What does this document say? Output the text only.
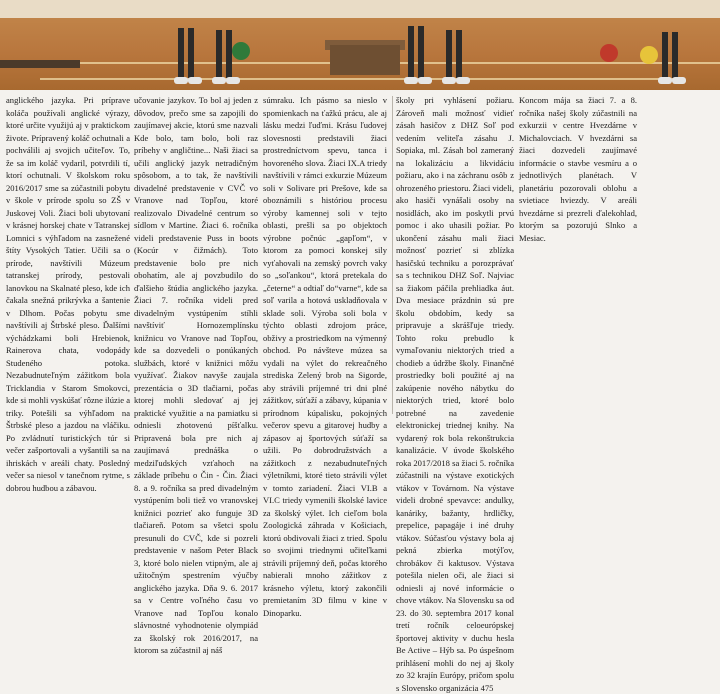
anglického jazyka. Pri príprave koláča používali anglické výrazy, ktoré určite využijú aj v praktickom živote. Prípravený koláč ochutnali a pochválili aj svojich učiteľov. To, že sa im koláč vydaril, potvrdili tí, ktorí ochutnali. V školskom roku 2016/2017 sme sa zúčastnili pobytu v škole v prírode spolu so ZŠ v Juskovej Voli. Žiaci boli ubytovaní v krásnej horskej chate v Tatranskej Lomnici s výhľadom na zasnežené štíty Vysokých Tatier. Učili sa o prírode, navštívili Múzeum tatranskej prírody, pestovali lanovkou na Skalnaté pleso, kde ich čakala snežná prikrývka a šantenie v Dlhom. Počas pobytu sme navštívili aj Štrbské pleso. Ďalšími výchádzkami boli Hrebienok, Rainerova chata, vodopády Studeného potoka. Nezabudnuteľným zážitkom bola Tricklandia v Starom Smokovci, kde si mohli vyskúšať rôzne ilúzie a triky. Potešili sa výhľadom na Štrbské pleso a jazdou na vláčiku. Po zvládnutí turistických túr si večer zašportovali a vyšantili sa na ihriskách v areáli chaty. Posledný večer sa niesol v tanečnom rytme, s dobrou hudbou a zábavou.

učovanie jazykov. To bol aj jeden z dôvodov, prečo sme sa zapojili do zaujímavej akcie, ktorú sme nazvali Kde bolo, tam bolo, boli raz príbehy v angličtine... Naši žiaci sa učili anglický jazyk netradičným spôsobom, a to tak, že navštívili divadelné predstavenie v CVČ vo Vranove nad Topľou, ktoré realizovalo Divadelné centrum so sídlom v Martine. Žiaci 6. ročníka videli predstavenie Puss in boots (Kocúr v čižmách). Toto predstavenie bolo pre nich obohatím, ale aj povzbudilo do ďalšieho štúdia anglického jazyka. Žiaci 7. ročníka videli pred divadelným vystúpením stíhli navštíviť Hornozemplínsku knižnicu vo Vranove nad Topľou, kde sa dozvedeli o ponúkaných službách, ktoré v knižnici môžu využívať. Žiakov navyše zaujala prezentácia o 3D tlačiarni, počas ktorej mohli sledovať aj jej praktické využitie a na pamiatku si odniesli zhotovenú píšťalku. Pripravená bola pre nich aj zaujímavá prednáška o medziľudských vzťahoch na základe príbehu o Čin - Čin. Žiaci 8. a 9. ročníka sa pred divadelným vystúpením boli tiež vo vranovskej knižnici pozrieť ako funguje 3D tlačiareň. Potom sa všetci spolu presunuli do CVČ, kde si pozreli predstavenie v našom Peter Black 3, ktoré bolo nielen vtipným, ale aj užitočným spestrením výučby anglického jazyka. Dňa 9. 6. 2017 sa v Centre voľného času vo Vranove nad Topľou konalo slávnostné vyhodnotenie olympiád za školský rok 2016/2017, na ktorom sa zúčastnil aj náš

súmraku. Ich pásmo sa nieslo v spomienkach na ťažkú prácu, ale aj lásku medzi ľuďmi. Krásu ľudovej slovesnosti predstavili žiaci prostredníctvom spevu, tanca i hovoreného slova. Žiaci IX.A triedy navštívili v rámci exkurzie Múzeum soli v Solivare pri Prešove, kde sa oboznámili s históriou procesu výroby kamennej soli v tejto oblasti, prešli sa po objektoch výrobne počnúc „gapľom“, v ktorom za pomoci konskej sily vyťahovali na zemský povrch vaky so „soľankou“, ktorá pretekala do „četerne“ a odtiaľ do“varne“, kde sa soľ varila a hotová uskladňovala v sklade soli. Výroba soli bola v týchto oblasti zdrojom práce, obživy a prostriedkom na výmenný obchod. Po návšteve múzea sa vydali na výlet do rekreačného strediska Zelený brob na Sigorde, aby strávili príjemné tri dni plné zážitkov, súťaží a zábavy, kúpania v prírodnom kúpalisku, pokojných večerov spevu a gitarovej hudby a zápasov aj športových súťaží sa užili. Po dobrodružstvách a zážitkoch z nezabudnuteľných výletníkmi, ktoré tieto strávili výlet v tomto zariadení. Žiaci VI.B a VI.C triedy vymenili školské lavice za školský výlet. Ich cieľom bola Zoologická záhrada v Košiciach, ktorú obdivovali žiaci z tried. Spolu so svojimi triednymi učiteľkami strávili príjemný deň, počas ktorého nabierali mnoho zážitkov z krásneho výletu, ktorý zakončili premietaním 3D filmu v kine v Dinoparku.

školy pri vyhlásení požiaru. Zároveň mali možnosť vidieť zásah hasičov z DHZ Soľ pod vedením veliteľa zásahu J. Sopiaka, ml. Zásah bol zameraný na lokalizáciu a likvidáciu požiaru, ako i na záchranu osôb z ohrozeného priestoru. Žiaci videli, ako hasiči vynášali osoby na nosidlách, ako im poskytli prvú pomoc i ako uhasili požiar. Po ukončení zásahu mali žiaci možnosť pozrieť si zblízka hasičskú techniku a porozprávať sa s technikou DHZ Soľ. Najviac sa žiakom páčila prehliadka áut. Dva mesiace prázdnin sú pre školu obdobím, kedy sa pripravuje a skrášľuje triedy. Tohto roku prebudlo k vymaľovaniu niektorých tried a chodieb a údržbe školy. Finančné prostriedky boli použité aj na zakúpenie nového nábytku do niektorých tried, ktoré bolo potrebné na zavedenie elektronickej triednej knihy. Na vydarený rok bola rekonštrukcia kanalizácie. V úvode školského roka 2017/2018 sa žiaci 5. ročníka zúčastnili na výstave exotických vtákov v Továrnom. Na výstave videli drobné spevavce: andulky, kanáriky, bažanty, hrdličky, prepelice, papagáje i iné druhy vtákov. Súčasťou výstavy bola aj pekná zbierka motýľov, chrobákov či kaktusov. Výstava potešila nielen oči, ale žiaci si odniesli aj nové informácie o chove vtákov. Na Slovensku sa od 23. do 30. septembra 2017 konal tretí ročník celoeurópskej športovej aktivity v duchu hesla Be Active – Hýb sa. Po úspešnom prihlásení mohli do nej aj školy zo 32 krajín Európy, pričom spolu s Slovensko organizácia 475

Koncom mája sa žiaci 7. a 8. ročníka našej školy zúčastnili na exkurzii v centre Hvezdárne v Michalovciach. V hvezdárni sa žiaci dozvedeli zaujímavé informácie o stavbe vesmíru a o jednotlivých planétach. V planetáriu pozorovali oblohu a svietiace hviezdy. V areáli hvezdárne si prezreli ďalekohlad, ktorým sa pozorujú Slnko a Mesiac.
